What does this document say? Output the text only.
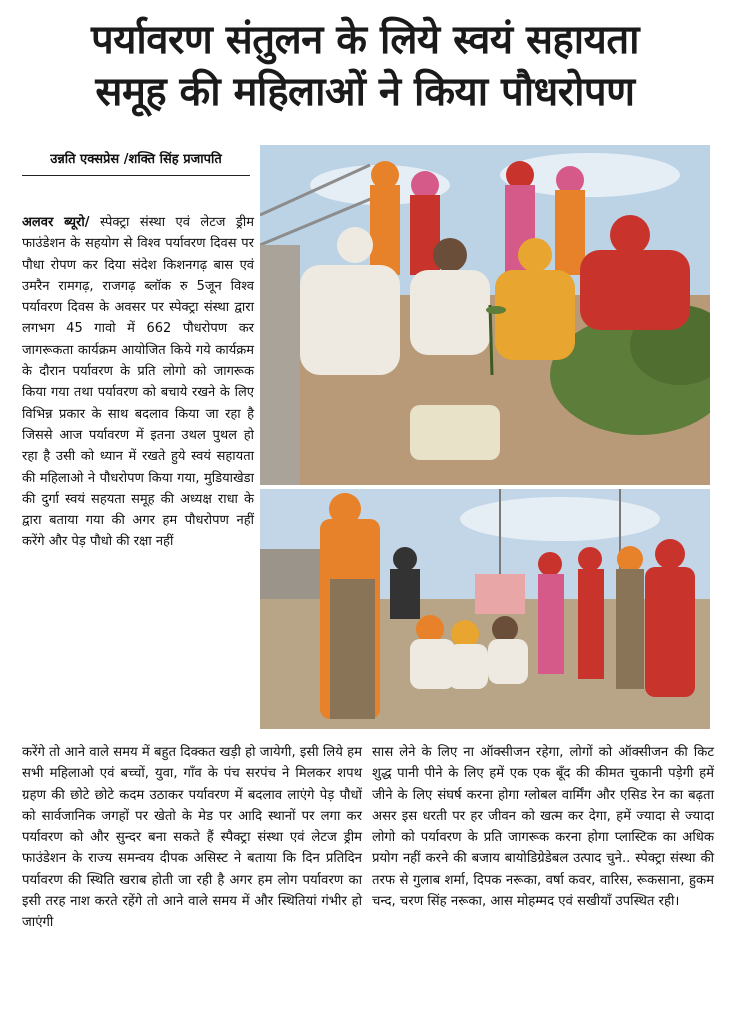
पर्यावरण संतुलन के लिये स्वयं सहायता
समूह की महिलाओं ने किया पौधरोपण
उन्नति एक्सप्रेस /शक्ति सिंह प्रजापति

अलवर ब्यूरो/ स्पेक्ट्रा संस्था एवं लेटज ड्रीम फाउंडेशन के सहयोग से विश्व पर्यावरण दिवस पर पौधा रोपण कर दिया संदेश किशनगढ़ बास एवं उमरैन रामगढ़, राजगढ़ ब्लॉक रु 5जून विश्व पर्यावरण दिवस के अवसर पर स्पेक्ट्रा संस्था द्वारा लगभग 45 गावो में 662 पौधरोपण कर जागरूकता कार्यक्रम आयोजित किये गये कार्यक्रम के दौरान पर्यावरण के प्रति लोगो को जागरूक किया गया तथा पर्यावरण को बचाये रखने के लिए विभिन्न प्रकार के साथ बदलाव किया जा रहा है जिससे आज पर्यावरण में इतना उथल पुथल हो रहा है उसी को ध्यान में रखते हुये स्वयं सहायता की महिलाओ ने पौधरोपण किया गया, मुडियाखेडा की दुर्गा स्वयं सहयता समूह की अध्यक्ष राधा के द्वारा बताया गया की अगर हम पौधरोपण नहीं करेंगे और पेड़ पौधो की रक्षा नहीं

करेंगे तो आने वाले समय में बहुत दिक्कत खड़ी हो जायेगी, इसी लिये हम सभी महिलाओ एवं बच्चों, युवा, गाँव के पंच सरपंच ने मिलकर शपथ ग्रहण की छोटे छोटे कदम उठाकर पर्यावरण में बदलाव लाएंगे पेड़ पौधों को सार्वजानिक जगहों पर खेतो के मेड पर आदि स्थानों पर लगा कर पर्यावरण को और सुन्दर बना सकते हैं स्पैक्ट्रा संस्था एवं लेटज ड्रीम फाउंडेशन के राज्य समन्वय दीपक असिस्ट ने बताया कि दिन प्रतिदिन पर्यावरण की स्थिति खराब होती जा रही है अगर हम लोग पर्यावरण का इसी तरह नाश करते रहेंगे तो आने वाले समय में और स्थितियां गंभीर हो जाएंगी

सास लेने के लिए ना ऑक्सीजन रहेगा, लोगों को ऑक्सीजन की किट शुद्ध पानी पीने के लिए हमें एक एक बूँद की कीमत चुकानी पड़ेगी हमें जीने के लिए संघर्ष करना होगा ग्लोबल वार्मिंग और एसिड रेन का बढ़ता असर इस धरती पर हर जीवन को खत्म कर देगा, हमें ज्यादा से ज्यादा लोगो को पर्यावरण के प्रति जागरूक करना होगा प्लास्टिक का अधिक प्रयोग नहीं करने की बजाय बायोडिग्रेडेबल उत्पाद चुने.. स्पेक्ट्रा संस्था की तरफ से गुलाब शर्मा, दिपक नरूका, वर्षा कवर, वारिस, रूकसाना, हुकम चन्द, चरण सिंह नरूका, आस मोहम्मद एवं सखीयाँ उपस्थित रही।
